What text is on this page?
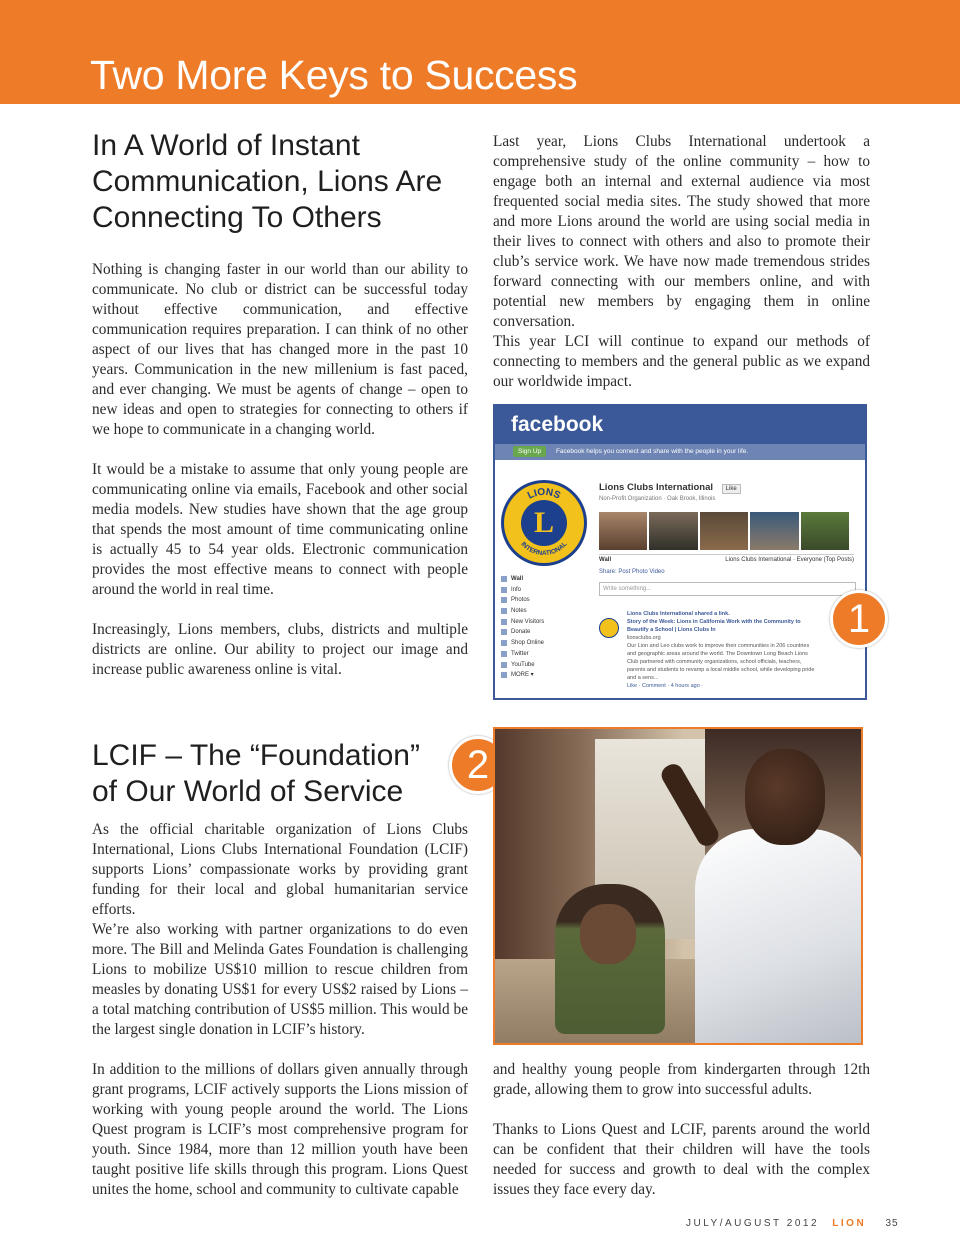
Two More Keys to Success
In A World of Instant
Communication, Lions Are
Connecting To Others

Nothing is changing faster in our world than our ability to communicate. No club or district can be successful today without effective communication, and effective communication requires preparation. I can think of no other aspect of our lives that has changed more in the past 10 years. Communication in the new millenium is fast paced, and ever changing. We must be agents of change – open to new ideas and open to strategies for connecting to others if we hope to communicate in a changing world.

It would be a mistake to assume that only young people are communicating online via emails, Facebook and other social media models. New studies have shown that the age group that spends the most amount of time communicating online is actually 45 to 54 year olds. Electronic communication provides the most effective means to connect with people around the world in real time.

Increasingly, Lions members, clubs, districts and multiple districts are online. Our ability to project our image and increase public awareness online is vital.

Last year, Lions Clubs International undertook a comprehensive study of the online community – how to engage both an internal and external audience via most frequented social media sites. The study showed that more and more Lions around the world are using social media in their lives to connect with others and also to promote their club’s service work. We have now made tremendous strides forward connecting with our members online, and with potential new members by engaging them in online conversation.

This year LCI will continue to expand our methods of connecting to members and the general public as we expand our worldwide impact.

facebook
Sign Up Facebook helps you connect and share with the people in your life.
LIONS
INTERNATIONAL
L
Lions Clubs International Like
Non-Profit Organization · Oak Brook, Illinois
Wall	Lions Clubs International · Everyone (Top Posts)
Share: Post Photo Video
Write something...
Wall
Info
Photos
Notes
New Visitors
Donate
Shop Online
Twitter
YouTube
MORE ▾
Lions Clubs International shared a link.
Story of the Week: Lions in California Work with the Community to Beautify a School | Lions Clubs In
lionsclubs.org
Our Lion and Leo clubs work to improve their communities in 206 countries and geographic areas around the world. The Downtown Long Beach Lions Club partnered with community organizations, school officials, teachers, parents and students to revamp a local middle school, while developing pride and a sens...
Like · Comment · 4 hours ago ·
1
LCIF – The “Foundation”
of Our World of Service
2

As the official charitable organization of Lions Clubs International, Lions Clubs International Foundation (LCIF) supports Lions’ compassionate works by providing grant funding for their local and global humanitarian service efforts.

We’re also working with partner organizations to do even more. The Bill and Melinda Gates Foundation is challenging Lions to mobilize US$10 million to rescue children from measles by donating US$1 for every US$2 raised by Lions – a total matching contribution of US$5 million. This would be the largest single donation in LCIF’s history.

In addition to the millions of dollars given annually through grant programs, LCIF actively supports the Lions mission of working with young people around the world. The Lions Quest program is LCIF’s most comprehensive program for youth. Since 1984, more than 12 million youth have been taught positive life skills through this program. Lions Quest unites the home, school and community to cultivate capable

and healthy young people from kindergarten through 12th grade, allowing them to grow into successful adults.

Thanks to Lions Quest and LCIF, parents around the world can be confident that their children will have the tools needed for success and growth to deal with the complex issues they face every day.

JULY/AUGUST 2012 LION 35
